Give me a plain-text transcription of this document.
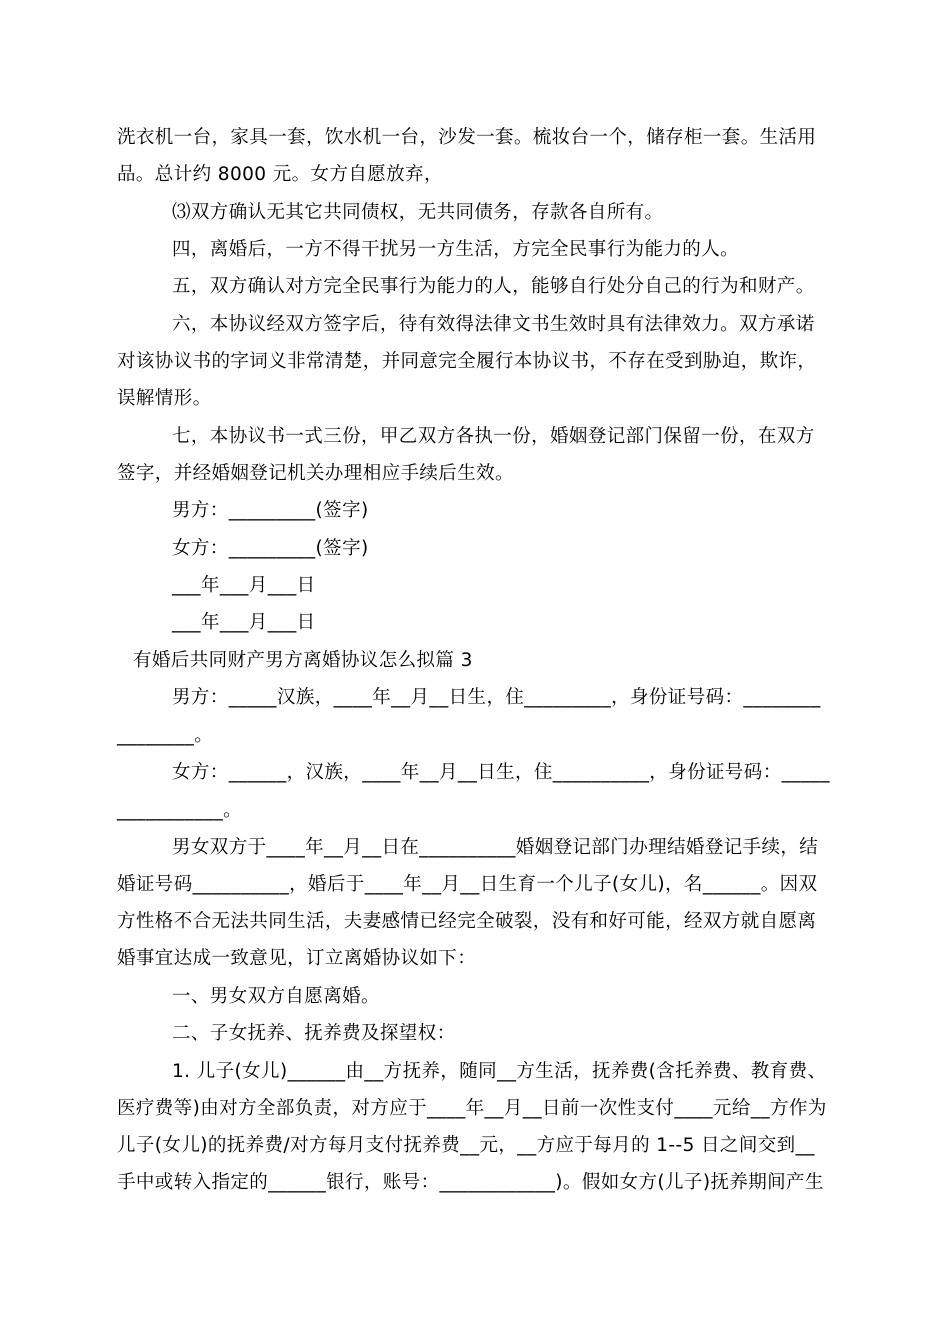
洗衣机一台，家具一套，饮水机一台，沙发一套。梳妆台一个，储存柜一套。生活用
品。总计约 8000 元。女方自愿放弃，
⑶双方确认无其它共同债权，无共同债务，存款各自所有。
四，离婚后，一方不得干扰另一方生活，方完全民事行为能力的人。
五，双方确认对方完全民事行为能力的人，能够自行处分自己的行为和财产。
六，本协议经双方签字后，待有效得法律文书生效时具有法律效力。双方承诺
对该协议书的字词义非常清楚，并同意完全履行本协议书，不存在受到胁迫，欺诈，
误解情形。
七，本协议书一式三份，甲乙双方各执一份，婚姻登记部门保留一份，在双方
签字，并经婚姻登记机关办理相应手续后生效。
男方：_________(签字)
女方：_________(签字)
___年___月___日
___年___月___日
有婚后共同财产男方离婚协议怎么拟篇 3
男方：_____汉族，____年__月__日生，住_________，身份证号码：________
________。
女方：______，汉族，____年__月__日生，住__________，身份证号码：_____
___________。
男女双方于____年__月__日在__________婚姻登记部门办理结婚登记手续，结
婚证号码__________，婚后于____年__月__日生育一个儿子(女儿)，名______。因双
方性格不合无法共同生活，夫妻感情已经完全破裂，没有和好可能，经双方就自愿离
婚事宜达成一致意见，订立离婚协议如下：
一、男女双方自愿离婚。
二、子女抚养、抚养费及探望权：
1. 儿子(女儿)______由__方抚养，随同__方生活，抚养费(含托养费、教育费、
医疗费等)由对方全部负责，对方应于____年__月__日前一次性支付____元给__方作为
儿子(女儿)的抚养费/对方每月支付抚养费__元，__方应于每月的 1--5 日之间交到__
手中或转入指定的______银行，账号：____________)。假如女方(儿子)抚养期间产生
